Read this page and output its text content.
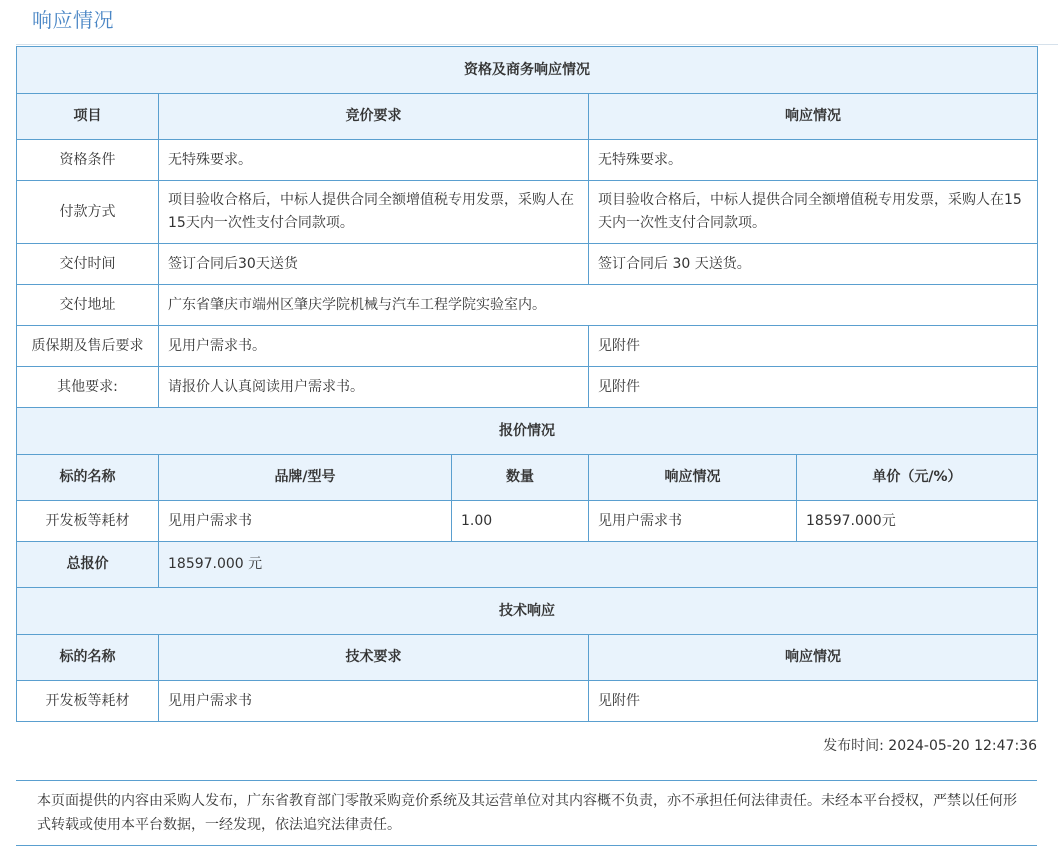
响应情况
资格及商务响应情况				
项目	竞价要求		响应情况	
资格条件	无特殊要求。		无特殊要求。	
付款方式	项目验收合格后，中标人提供合同全额增值税专用发票，采购人在15天内一次性支付合同款项。		项目验收合格后，中标人提供合同全额增值税专用发票，采购人在15天内一次性支付合同款项。	
交付时间	签订合同后30天送货		签订合同后 30 天送货。	
交付地址	广东省肇庆市端州区肇庆学院机械与汽车工程学院实验室内。			
质保期及售后要求	见用户需求书。		见附件	
其他要求:	请报价人认真阅读用户需求书。		见附件	
报价情况				
标的名称	品牌/型号	数量	响应情况	单价（元/%）
开发板等耗材	见用户需求书	1.00	见用户需求书	18597.000元
总报价	18597.000 元			
技术响应				
标的名称	技术要求		响应情况	
开发板等耗材	见用户需求书		见附件	
发布时间: 2024-05-20 12:47:36

本页面提供的内容由采购人发布，广东省教育部门零散采购竞价系统及其运营单位对其内容概不负责，亦不承担任何法律责任。未经本平台授权，严禁以任何形式转载或使用本平台数据，一经发现，依法追究法律责任。
